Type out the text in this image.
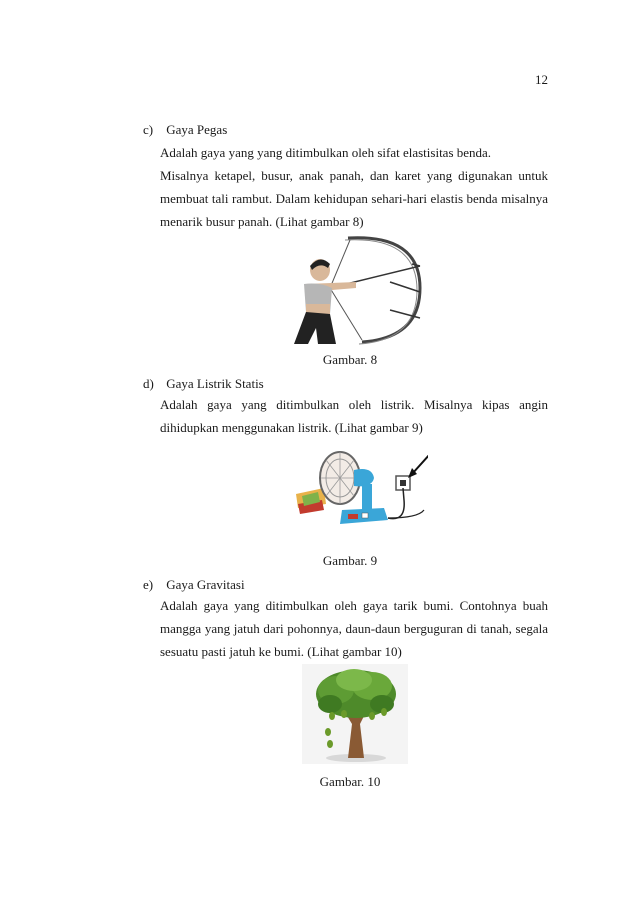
12
c) Gaya Pegas
Adalah gaya yang yang ditimbulkan oleh sifat elastisitas benda.
Misalnya ketapel, busur, anak panah, dan karet yang digunakan untuk
membuat tali rambut. Dalam kehidupan sehari-hari elastis benda misalnya
menarik busur panah. (Lihat gambar 8)
Gambar. 8
d) Gaya Listrik Statis
Adalah gaya yang ditimbulkan oleh listrik. Misalnya kipas angin
dihidupkan menggunakan listrik. (Lihat gambar 9)
Gambar. 9
e) Gaya Gravitasi
Adalah gaya yang ditimbulkan oleh gaya tarik bumi. Contohnya buah
mangga yang jatuh dari pohonnya, daun-daun berguguran di tanah, segala
sesuatu pasti jatuh ke bumi. (Lihat gambar 10)
Gambar. 10
